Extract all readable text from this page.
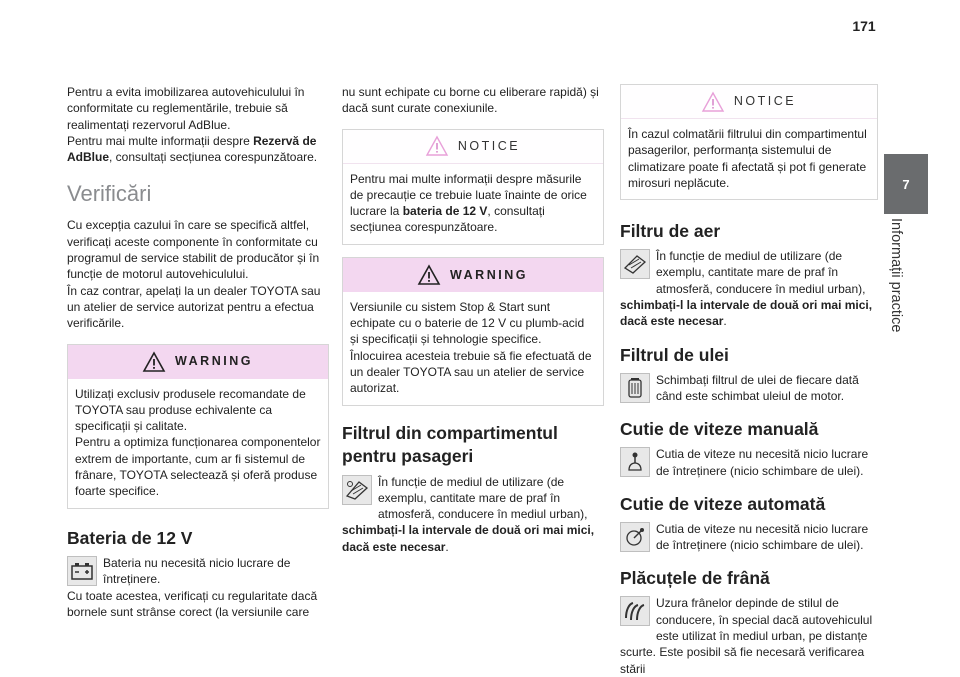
171
7
Informații practice

Pentru a evita imobilizarea autovehiculului în conformitate cu reglementările, trebuie să realimentați rezervorul AdBlue.

Pentru mai multe informații despre Rezervă de AdBlue, consultați secțiunea corespunzătoare.

Verificări

Cu excepția cazului în care se specifică altfel, verificați aceste componente în conformitate cu programul de service stabilit de producător și în funcție de motorul autovehiculului.

În caz contrar, apelați la un dealer TOYOTA sau un atelier de service autorizat pentru a efectua verificările.

WARNING

Utilizați exclusiv produsele recomandate de TOYOTA sau produse echivalente ca specificații și calitate.

Pentru a optimiza funcționarea componentelor extrem de importante, cum ar fi sistemul de frânare, TOYOTA selectează și oferă produse foarte specifice.

Bateria de 12 V

Bateria nu necesită nicio lucrare de întreținere.

Cu toate acestea, verificați cu regularitate dacă bornele sunt strânse corect (la versiunile care

nu sunt echipate cu borne cu eliberare rapidă) și dacă sunt curate conexiunile.

NOTICE

Pentru mai multe informații despre măsurile de precauție ce trebuie luate înainte de orice lucrare la bateria de 12 V, consultați secțiunea corespunzătoare.

WARNING

Versiunile cu sistem Stop & Start sunt echipate cu o baterie de 12 V cu plumb-acid și specificații și tehnologie specifice.

Înlocuirea acesteia trebuie să fie efectuată de un dealer TOYOTA sau un atelier de service autorizat.

Filtrul din compartimentul pentru pasageri

În funcție de mediul de utilizare (de exemplu, cantitate mare de praf în atmosferă, conducere în mediul urban), schimbați-l la intervale de două ori mai mici, dacă este necesar.

NOTICE

În cazul colmatării filtrului din compartimentul pasagerilor, performanța sistemului de climatizare poate fi afectată și pot fi generate mirosuri neplăcute.

Filtru de aer

În funcție de mediul de utilizare (de exemplu, cantitate mare de praf în atmosferă, conducere în mediul urban), schimbați-l la intervale de două ori mai mici, dacă este necesar.

Filtrul de ulei

Schimbați filtrul de ulei de fiecare dată când este schimbat uleiul de motor.

Cutie de viteze manuală

Cutia de viteze nu necesită nicio lucrare de întreținere (nicio schimbare de ulei).

Cutie de viteze automată

Cutia de viteze nu necesită nicio lucrare de întreținere (nicio schimbare de ulei).

Plăcuțele de frână

Uzura frânelor depinde de stilul de conducere, în special dacă autovehiculul este utilizat în mediul urban, pe distanțe scurte. Este posibil să fie necesară verificarea stării
